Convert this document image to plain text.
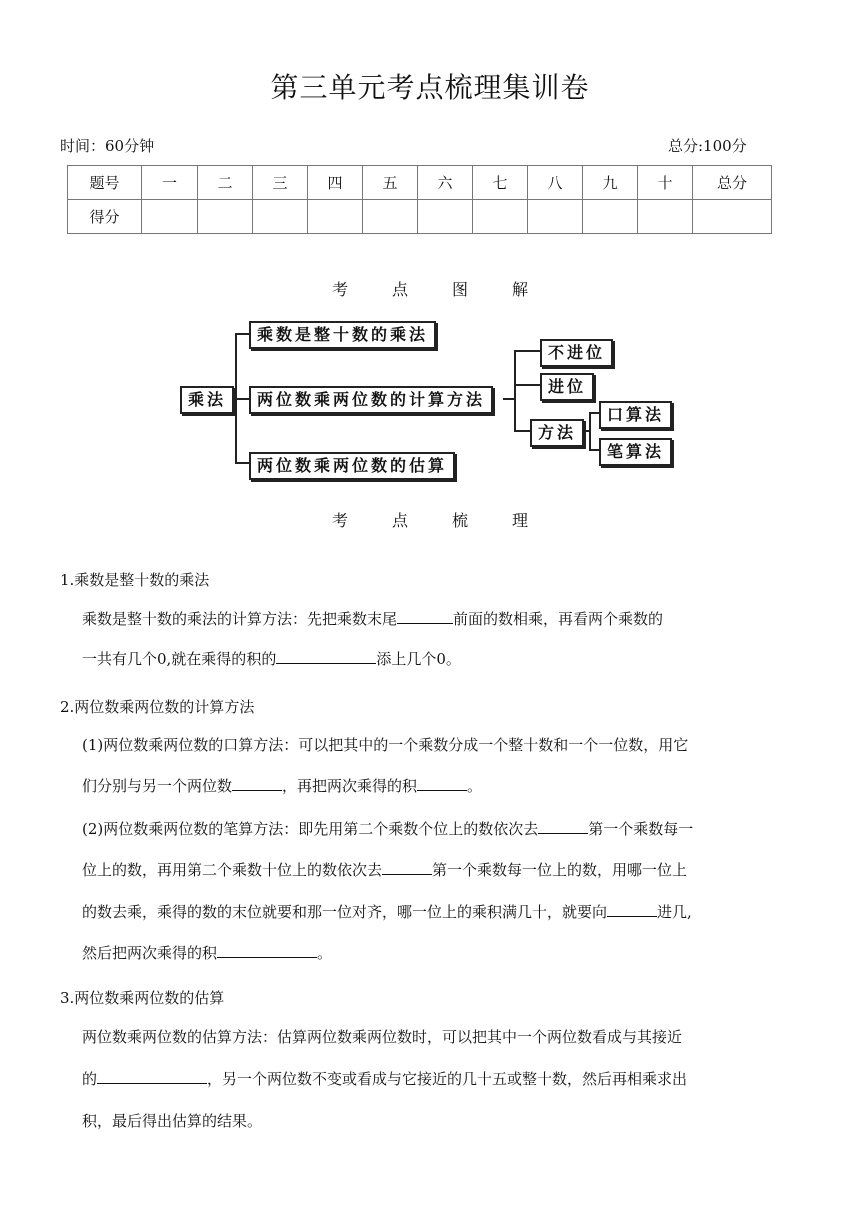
第三单元考点梳理集训卷
时间：60分钟	总分:100分
题号	一	二	三	四	五	六	七	八	九	十	总分
得分											
考	点	图	解
乘法
乘数是整十数的乘法
两位数乘两位数的计算方法
两位数乘两位数的估算
不进位
进位
方法
口算法
笔算法
考	点	梳	理
1.乘数是整十数的乘法
乘数是整十数的乘法的计算方法：先把乘数末尾	前面的数相乘，再看两个乘数的
一共有几个0,就在乘得的积的	添上几个0。
2.两位数乘两位数的计算方法
(1)两位数乘两位数的口算方法：可以把其中的一个乘数分成一个整十数和一个一位数，用它
们分别与另一个两位数	，再把两次乘得的积	。
(2)两位数乘两位数的笔算方法：即先用第二个乘数个位上的数依次去	第一个乘数每一
位上的数，再用第二个乘数十位上的数依次去	第一个乘数每一位上的数，用哪一位上
的数去乘，乘得的数的末位就要和那一位对齐，哪一位上的乘积满几十，就要向	进几,
然后把两次乘得的积	。
3.两位数乘两位数的估算
两位数乘两位数的估算方法：估算两位数乘两位数时，可以把其中一个两位数看成与其接近
的	，另一个两位数不变或看成与它接近的几十五或整十数，然后再相乘求出
积，最后得出估算的结果。
